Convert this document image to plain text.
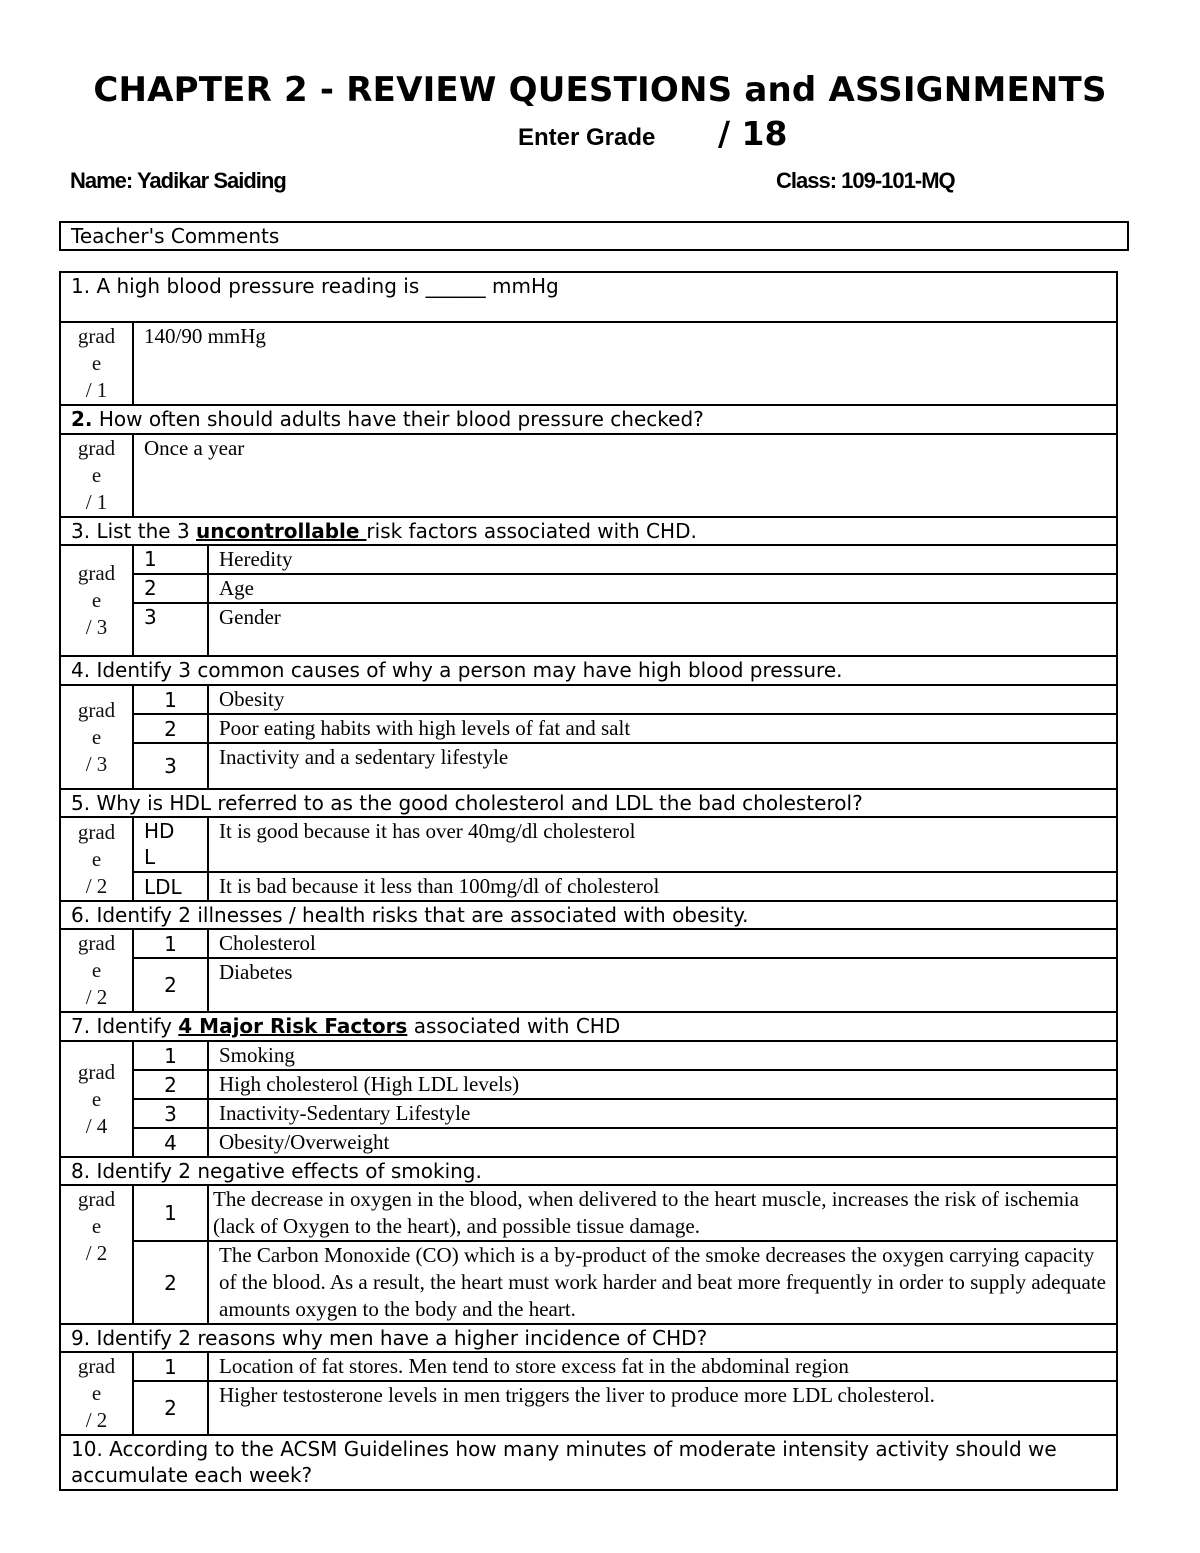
CHAPTER 2 - REVIEW QUESTIONS and ASSIGNMENTS
Enter Grade / 18
Name: Yadikar Saiding	Class: 109-101-MQ
Teacher's Comments
1. A high blood pressure reading is ______ mmHg		

grad
e
/ 1	140/90 mmHg	
2. How often should adults have their blood pressure checked?		

grad
e
/ 1	Once a year	
3. List the 3 uncontrollable risk factors associated with CHD.		

grad
e
/ 3	1	Heredity
	2	Age
	3	Gender
4. Identify 3 common causes of why a person may have high blood pressure.		

grad
e
/ 3	1	Obesity
	2	Poor eating habits with high levels of fat and salt
	3	Inactivity and a sedentary lifestyle
5. Why is HDL referred to as the good cholesterol and LDL the bad cholesterol?		

grad
e
/ 2	HD L	It is good because it has over 40mg/dl cholesterol
	LDL	It is bad because it less than 100mg/dl of cholesterol
6. Identify 2 illnesses / health risks that are associated with obesity.		

grad
e
/ 2	1	Cholesterol
	2	Diabetes
7. Identify 4 Major Risk Factors associated with CHD		

grad
e
/ 4	1	Smoking
	2	High cholesterol (High LDL levels)
	3	Inactivity-Sedentary Lifestyle
	4	Obesity/Overweight
8. Identify 2 negative effects of smoking.		

grad
e
/ 2	1	The decrease in oxygen in the blood, when delivered to the heart muscle, increases the risk of ischemia (lack of Oxygen to the heart), and possible tissue damage.
	2	The Carbon Monoxide (CO) which is a by-product of the smoke decreases the oxygen carrying capacity of the blood. As a result, the heart must work harder and beat more frequently in order to supply adequate amounts oxygen to the body and the heart.
9. Identify 2 reasons why men have a higher incidence of CHD?		

grad
e
/ 2	1	Location of fat stores. Men tend to store excess fat in the abdominal region
	2	Higher testosterone levels in men triggers the liver to produce more LDL cholesterol.
10. According to the ACSM Guidelines how many minutes of moderate intensity activity should we accumulate each week?		
